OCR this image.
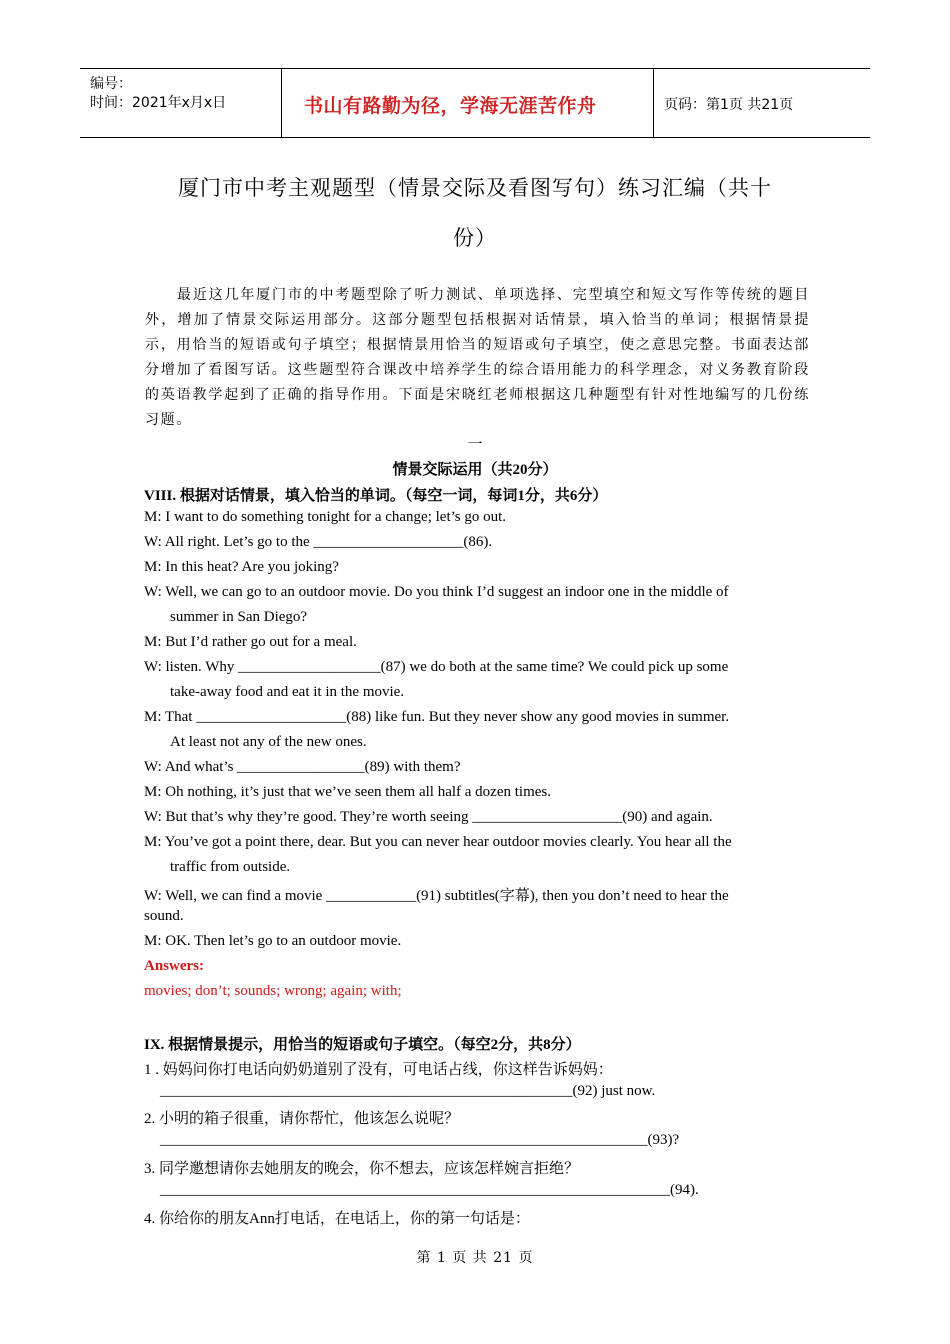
编号：
时间：2021年x月x日	书山有路勤为径，学海无涯苦作舟	页码：第1页 共21页
厦门市中考主观题型（情景交际及看图写句）练习汇编（共十
份）
最近这几年厦门市的中考题型除了听力测试、单项选择、完型填空和短文写作等传统的题目外，增加了情景交际运用部分。这部分题型包括根据对话情景，填入恰当的单词；根据情景提示，用恰当的短语或句子填空；根据情景用恰当的短语或句子填空，使之意思完整。书面表达部分增加了看图写话。这些题型符合课改中培养学生的综合语用能力的科学理念，对义务教育阶段的英语教学起到了正确的指导作用。下面是宋晓红老师根据这几种题型有针对性地编写的几份练习题。
一
情景交际运用（共20分）
VIII. 根据对话情景，填入恰当的单词。（每空一词，每词1分，共6分）
M: I want to do something tonight for a change; let’s go out.
W: All right. Let’s go to the ____________________(86).
M: In this heat? Are you joking?
W: Well, we can go to an outdoor movie. Do you think I’d suggest an indoor one in the middle of
summer in San Diego?
M: But I’d rather go out for a meal.
W: listen. Why ___________________(87) we do both at the same time? We could pick up some
take-away food and eat it in the movie.
M: That ____________________(88) like fun. But they never show any good movies in summer.
At least not any of the new ones.
W: And what’s _________________(89) with them?
M: Oh nothing, it’s just that we’ve seen them all half a dozen times.
W: But that’s why they’re good. They’re worth seeing ____________________(90) and again.
M: You’ve got a point there, dear. But you can never hear outdoor movies clearly. You hear all the
traffic from outside.
W: Well, we can find a movie ____________(91) subtitles(字幕), then you don’t need to hear the
sound.
M: OK. Then let’s go to an outdoor movie.
Answers:
movies; don’t; sounds; wrong; again; with;
IX. 根据情景提示，用恰当的短语或句子填空。（每空2分，共8分）
1 . 妈妈问你打电话向奶奶道别了没有，可电话占线，你这样告诉妈妈：
_______________________________________________________(92) just now.
2. 小明的箱子很重，请你帮忙，他该怎么说呢？
_________________________________________________________________(93)?
3. 同学邀想请你去她朋友的晚会，你不想去，应该怎样婉言拒绝？
____________________________________________________________________(94).
4. 你给你的朋友Ann打电话，在电话上，你的第一句话是：
第 1 页 共 21 页
